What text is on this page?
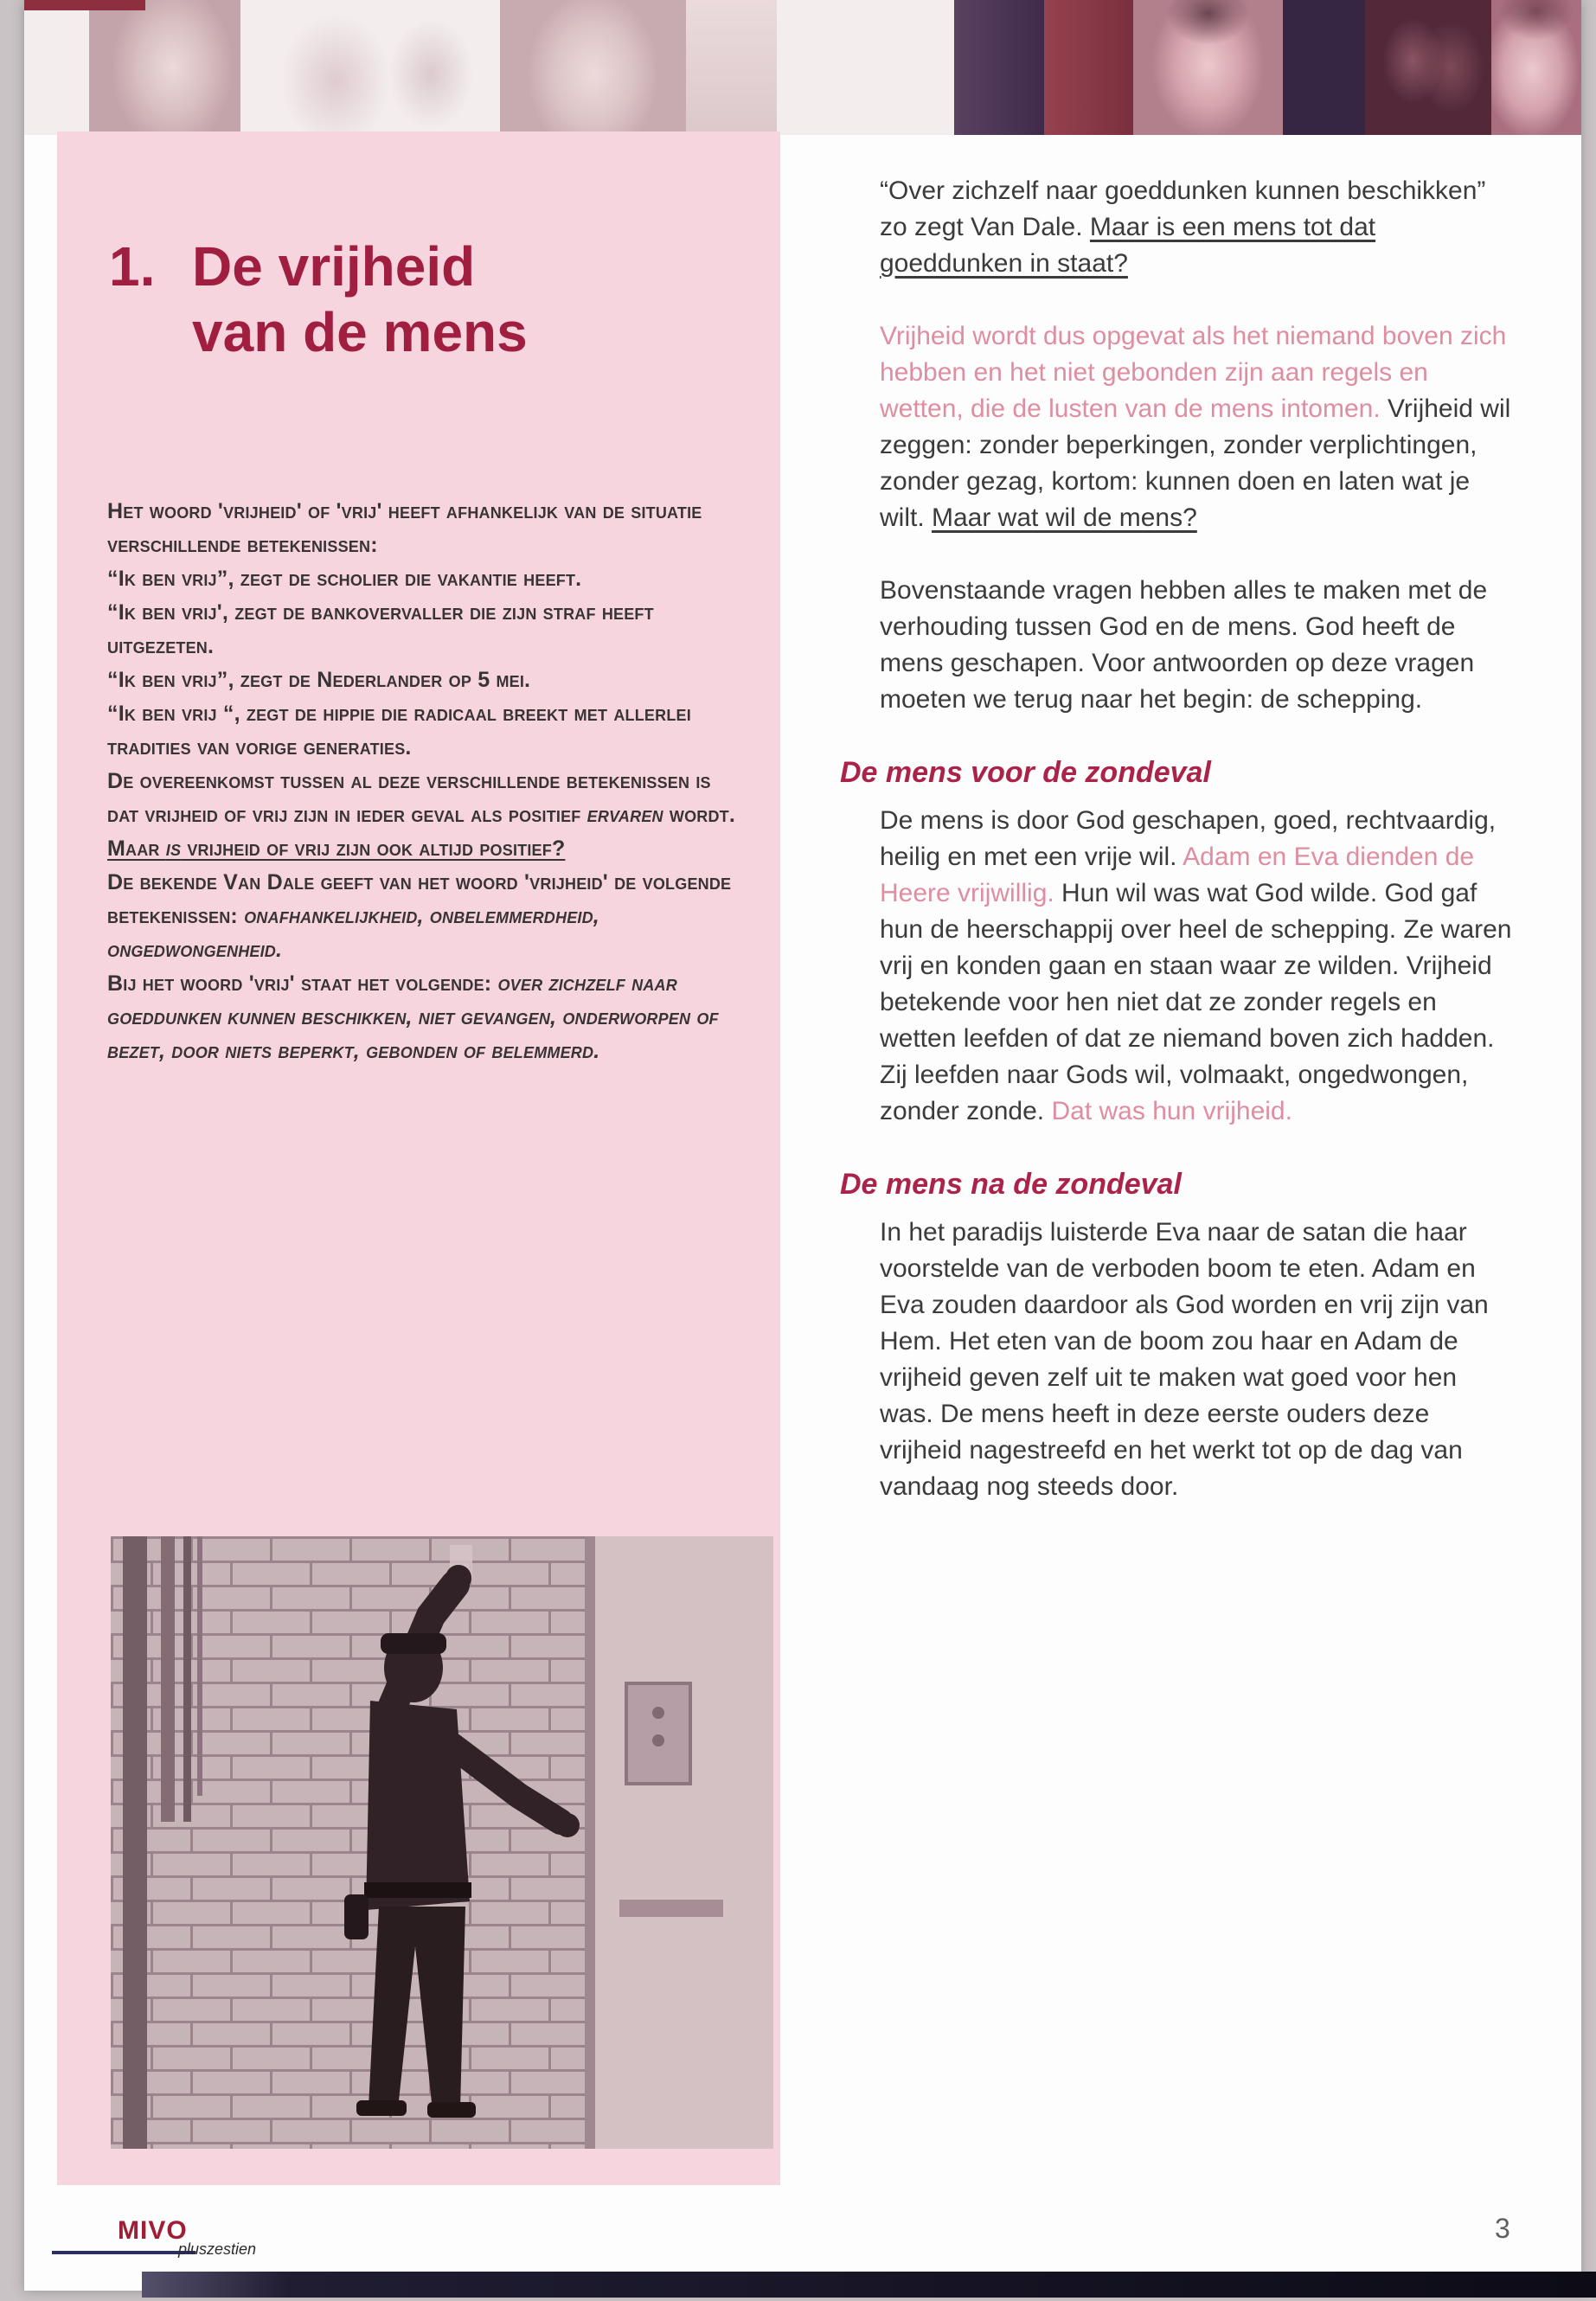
1. De vrijheid
van de mens
Het woord 'vrijheid' of 'vrij' heeft afhankelijk van de situatie verschillende betekenissen:
“Ik ben vrij”, zegt de scholier die vakantie heeft.
“Ik ben vrij', zegt de bankovervaller die zijn straf heeft uitgezeten.
“Ik ben vrij”, zegt de Nederlander op 5 mei.
“Ik ben vrij “, zegt de hippie die radicaal breekt met allerlei tradities van vorige generaties.
De overeenkomst tussen al deze verschillende betekenissen is dat vrijheid of vrij zijn in ieder geval als positief ervaren wordt.
Maar is vrijheid of vrij zijn ook altijd positief?
De bekende Van Dale geeft van het woord 'vrijheid' de volgende betekenissen: onafhankelijkheid, onbelemmerdheid, ongedwongenheid.
Bij het woord 'vrij' staat het volgende: over zichzelf naar goeddunken kunnen beschikken, niet gevangen, onderworpen of bezet, door niets beperkt, gebonden of belemmerd.

“Over zichzelf naar goeddunken kunnen beschikken” zo zegt Van Dale. Maar is een mens tot dat goeddunken in staat?

Vrijheid wordt dus opgevat als het niemand boven zich hebben en het niet gebonden zijn aan regels en wetten, die de lusten van de mens intomen. Vrijheid wil zeggen: zonder beperkingen, zonder verplichtingen, zonder gezag, kortom: kunnen doen en laten wat je wilt. Maar wat wil de mens?

Bovenstaande vragen hebben alles te maken met de verhouding tussen God en de mens. God heeft de mens geschapen. Voor antwoorden op deze vragen moeten we terug naar het begin: de schepping.

De mens voor de zondeval

De mens is door God geschapen, goed, rechtvaardig, heilig en met een vrije wil. Adam en Eva dienden de Heere vrijwillig. Hun wil was wat God wilde. God gaf hun de heerschappij over heel de schepping. Ze waren vrij en konden gaan en staan waar ze wilden. Vrijheid betekende voor hen niet dat ze zonder regels en wetten leefden of dat ze niemand boven zich hadden. Zij leefden naar Gods wil, volmaakt, ongedwongen, zonder zonde. Dat was hun vrijheid.

De mens na de zondeval

In het paradijs luisterde Eva naar de satan die haar voorstelde van de verboden boom te eten. Adam en Eva zouden daardoor als God worden en vrij zijn van Hem. Het eten van de boom zou haar en Adam de vrijheid geven zelf uit te maken wat goed voor hen was. De mens heeft in deze eerste ouders deze vrijheid nagestreefd en het werkt tot op de dag van vandaag nog steeds door.

MIVO
pluszestien
3
